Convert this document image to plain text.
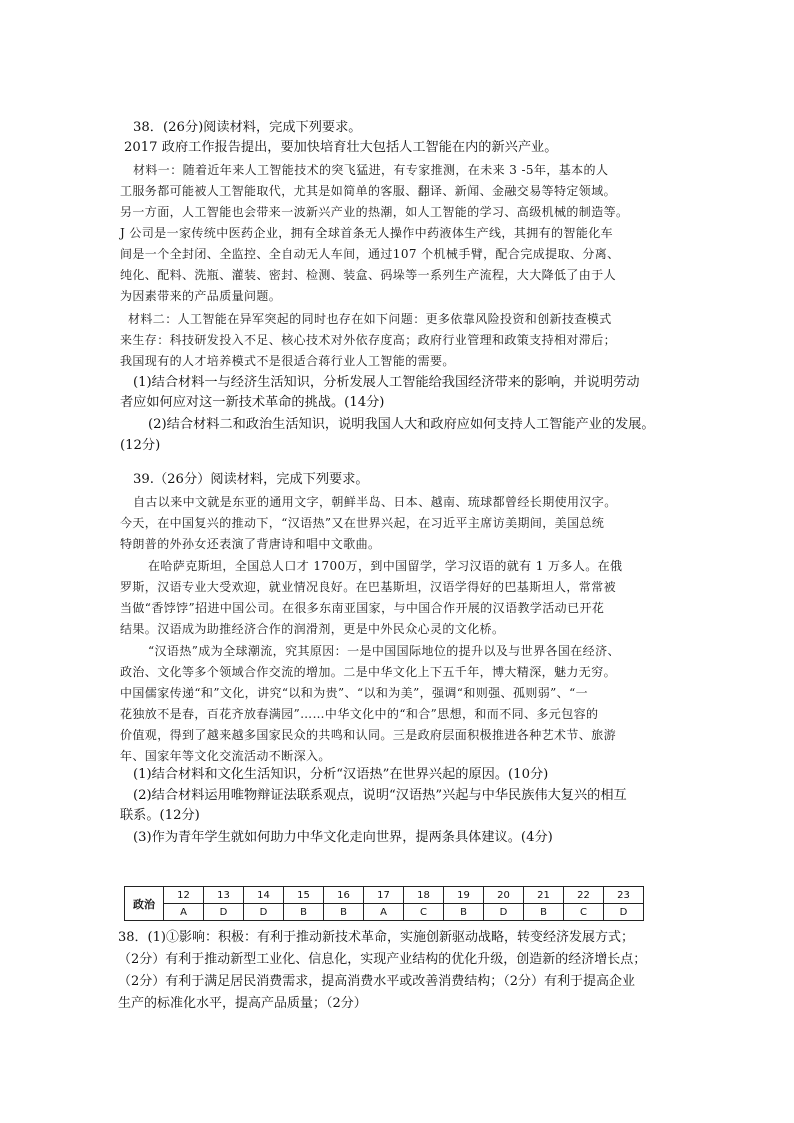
38．(26分)阅读材料，完成下列要求。
2017 政府工作报告提出，要加快培育壮大包括人工智能在内的新兴产业。
材料一：随着近年来人工智能技术的突飞猛进，有专家推测，在未来 3 -5年，基本的人
工服务都可能被人工智能取代，尤其是如简单的客服、翻译、新闻、金融交易等特定领域。
另一方面，人工智能也会带来一波新兴产业的热潮，如人工智能的学习、高级机械的制造等。
J 公司是一家传统中医药企业，拥有全球首条无人操作中药液体生产线，其拥有的智能化车
间是一个全封闭、全监控、全自动无人车间，通过107 个机械手臂，配合完成提取、分离、
纯化、配料、洗瓶、灌装、密封、检测、装盒、码垛等一系列生产流程，大大降低了由于人
为因素带来的产品质量问题。
材料二：人工智能在异军突起的同时也存在如下问题：更多依靠风险投资和创新技查模式
来生存：科技研发投入不足、核心技术对外依存度高；政府行业管理和政策支持相对滞后；
我国现有的人才培养模式不是很适合蒋行业人工智能的需要。
(1)结合材料一与经济生活知识，分析发展人工智能给我国经济带来的影响，并说明劳动
者应如何应对这一新技术革命的挑战。(14分)
(2)结合材料二和政治生活知识，说明我国人大和政府应如何支持人工智能产业的发展。
(12分)
39.（26分）阅读材料，完成下列要求。
自古以来中文就是东亚的通用文字，朝鲜半岛、日本、越南、琉球都曾经长期使用汉字。
今天，在中国复兴的推动下，“汉语热”又在世界兴起，在习近平主席访美期间，美国总统
特朗普的外孙女还表演了背唐诗和唱中文歌曲。
在哈萨克斯坦，全国总人口才 1700万，到中国留学，学习汉语的就有 1 万多人。在俄
罗斯，汉语专业大受欢迎，就业情况良好。在巴基斯坦，汉语学得好的巴基斯坦人，常常被
当做“香饽饽”招进中国公司。在很多东南亚国家，与中国合作开展的汉语教学活动已开花
结果。汉语成为助推经济合作的润滑剂，更是中外民众心灵的文化桥。
“汉语热”成为全球潮流，究其原因：一是中国国际地位的提升以及与世界各国在经济、
政治、文化等多个领域合作交流的增加。二是中华文化上下五千年，博大精深，魅力无穷。
中国儒家传递“和”文化，讲究“以和为贵”、“以和为美”，强调“和则强、孤则弱”、“一
花独放不是春，百花齐放春满园”……中华文化中的“和合”思想，和而不同、多元包容的
价值观，得到了越来越多国家民众的共鸣和认同。三是政府层面积极推进各种艺术节、旅游
年、国家年等文化交流活动不断深入。
(1)结合材料和文化生活知识，分析“汉语热”在世界兴起的原因。(10分)
(2)结合材料运用唯物辩证法联系观点，说明“汉语热”兴起与中华民族伟大复兴的相互
联系。(12分)
(3)作为青年学生就如何助力中华文化走向世界，提两条具体建议。(4分)
政治	12	13	14	15	16	17	18	19	20	21	22	23
	A	D	D	B	B	A	C	B	D	B	C	D
38．(1)①影响：积极：有利于推动新技术革命，实施创新驱动战略，转变经济发展方式；
（2分）有利于推动新型工业化、信息化，实现产业结构的优化升级，创造新的经济增长点；
（2分）有利于满足居民消费需求，提高消费水平或改善消费结构；（2分）有利于提高企业
生产的标准化水平，提高产品质量；（2分）
